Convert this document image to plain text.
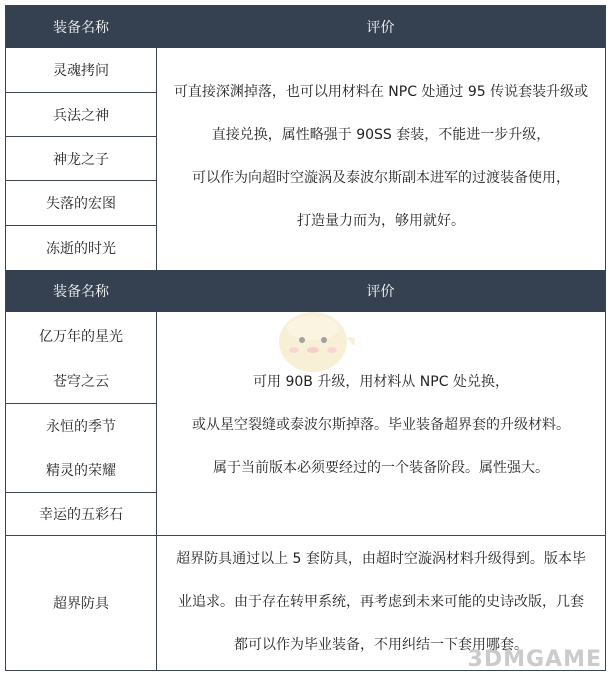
装备名称	评价
灵魂拷问
兵法之神
神龙之子
失落的宏图
冻逝的时光

可直接深渊掉落，也可以用材料在 NPC 处通过 95 传说套装升级或

直接兑换，属性略强于 90SS 套装，不能进一步升级，

可以作为向超时空漩涡及泰波尔斯副本进军的过渡装备使用，

打造量力而为，够用就好。

装备名称	评价
亿万年的星光
苍穹之云
永恒的季节
精灵的荣耀
幸运的五彩石

可用 90B 升级，用材料从 NPC 处兑换，

或从星空裂缝或泰波尔斯掉落。毕业装备超界套的升级材料。

属于当前版本必须要经过的一个装备阶段。属性强大。

超界防具

超界防具通过以上 5 套防具，由超时空漩涡材料升级得到。版本毕

业追求。由于存在转甲系统，再考虑到未来可能的史诗改版，几套

都可以作为毕业装备，不用纠结一下套用哪套。

3DMGAME
